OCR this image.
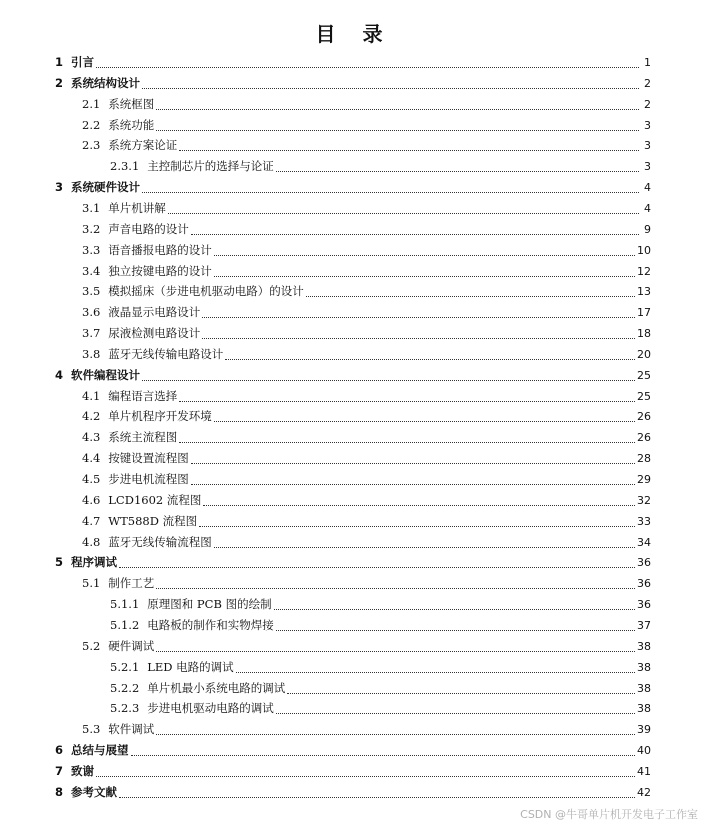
目 录
1 引言	1
2 系统结构设计	2
2.1 系统框图	2
2.2 系统功能	3
2.3 系统方案论证	3
2.3.1 主控制芯片的选择与论证	3
3 系统硬件设计	4
3.1 单片机讲解	4
3.2 声音电路的设计	9
3.3 语音播报电路的设计	10
3.4 独立按键电路的设计	12
3.5 模拟摇床（步进电机驱动电路）的设计	13
3.6 液晶显示电路设计	17
3.7 尿液检测电路设计	18
3.8 蓝牙无线传输电路设计	20
4 软件编程设计	25
4.1 编程语言选择	25
4.2 单片机程序开发环境	26
4.3 系统主流程图	26
4.4 按键设置流程图	28
4.5 步进电机流程图	29
4.6 LCD1602 流程图	32
4.7 WT588D 流程图	33
4.8 蓝牙无线传输流程图	34
5 程序调试	36
5.1 制作工艺	36
5.1.1 原理图和 PCB 图的绘制	36
5.1.2 电路板的制作和实物焊接	37
5.2 硬件调试	38
5.2.1 LED 电路的调试	38
5.2.2 单片机最小系统电路的调试	38
5.2.3 步进电机驱动电路的调试	38
5.3 软件调试	39
6 总结与展望	40
7 致谢	41
8 参考文献	42
CSDN @牛哥单片机开发电子工作室
